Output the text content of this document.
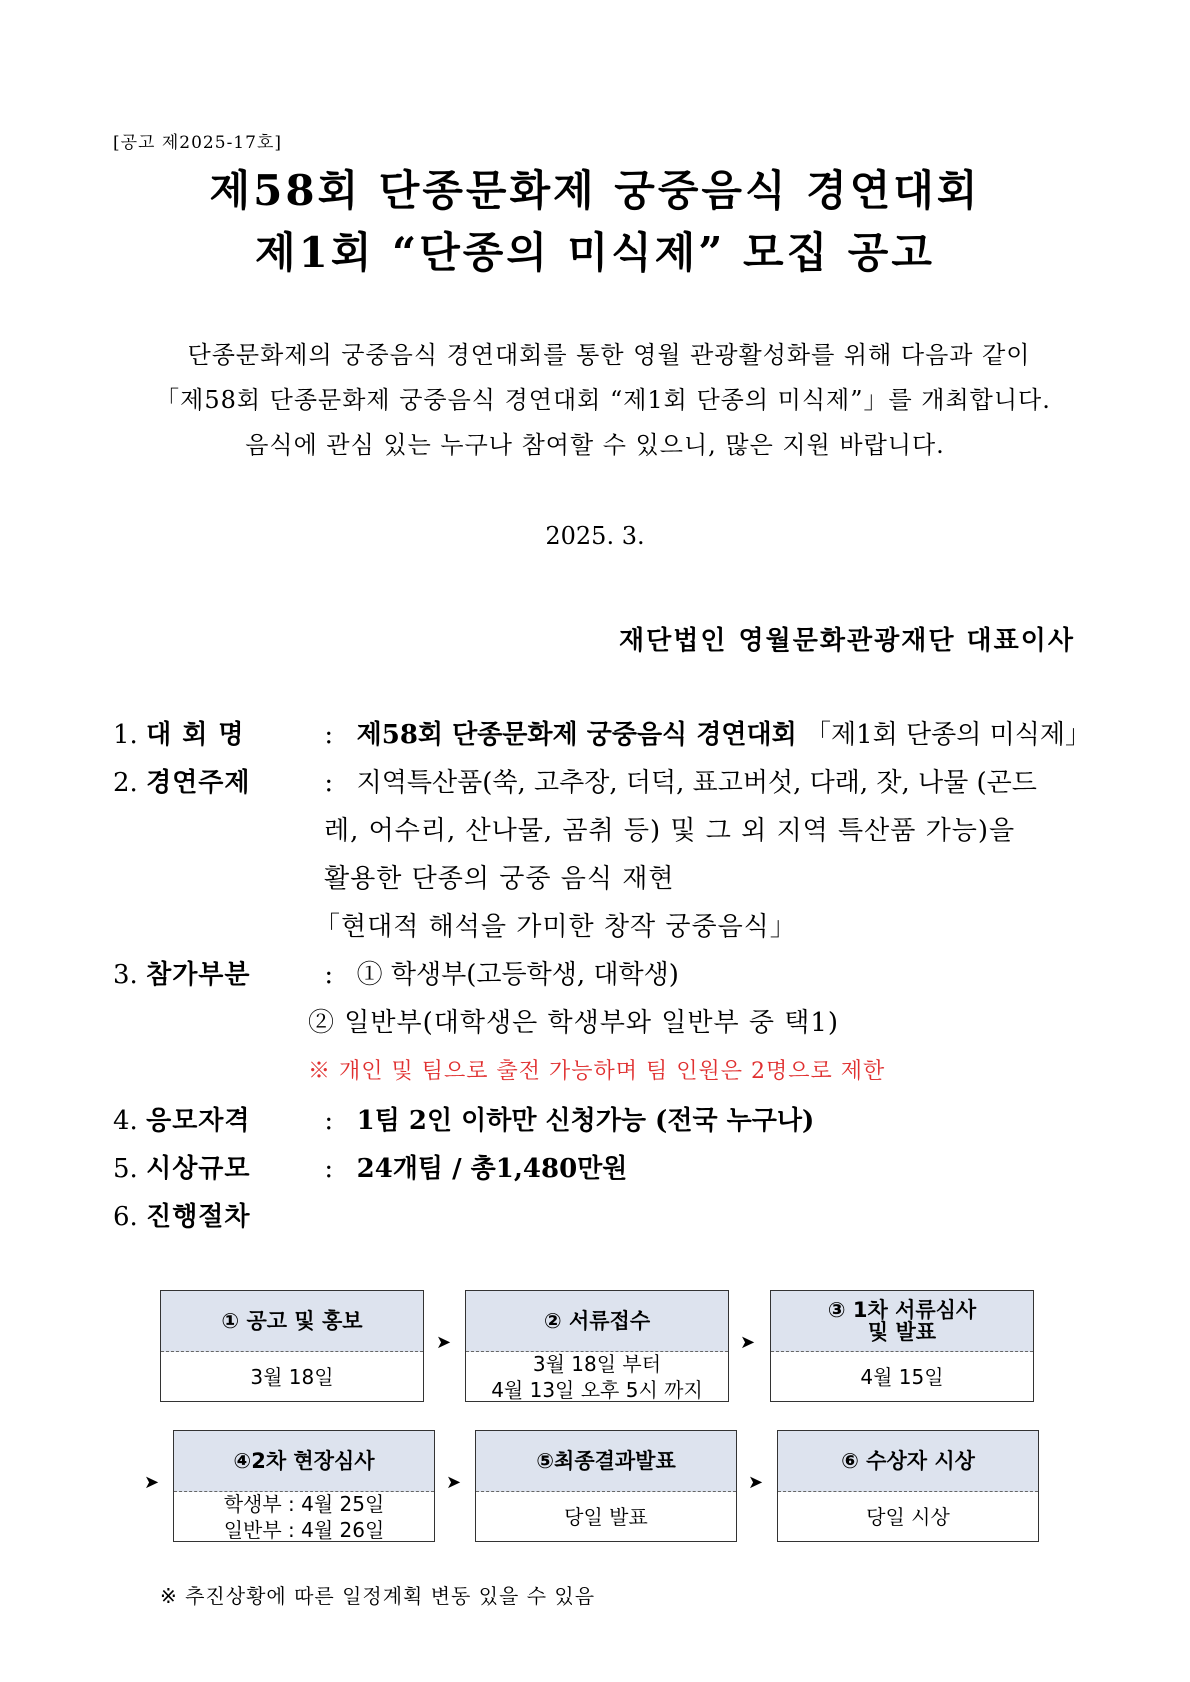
[공고 제2025-17호]
제58회 단종문화제 궁중음식 경연대회
제1회 “단종의 미식제” 모집 공고
단종문화제의 궁중음식 경연대회를 통한 영월 관광활성화를 위해 다음과 같이
「제58회 단종문화제 궁중음식 경연대회 “제1회 단종의 미식제”」를 개최합니다.
음식에 관심 있는 누구나 참여할 수 있으니, 많은 지원 바랍니다.
2025. 3.
재단법인 영월문화관광재단 대표이사
1. 대 회 명	: 제58회 단종문화제 궁중음식 경연대회 「제1회 단종의 미식제」
2. 경연주제	: 지역특산품(쑥, 고추장, 더덕, 표고버섯, 다래, 잣, 나물 (곤드
레, 어수리, 산나물, 곰취 등) 및 그 외 지역 특산품 가능)을
활용한 단종의 궁중 음식 재현
「현대적 해석을 가미한 창작 궁중음식」
3. 참가부분	: ① 학생부(고등학생, 대학생)
② 일반부(대학생은 학생부와 일반부 중 택1)
※ 개인 및 팀으로 출전 가능하며 팀 인원은 2명으로 제한
4. 응모자격	: 1팀 2인 이하만 신청가능 (전국 누구나)
5. 시상규모	: 24개팀 / 총1,480만원
6. 진행절차
① 공고 및 홍보
3월 18일
➤
② 서류접수
3월 18일 부터
4월 13일 오후 5시 까지
➤
③ 1차 서류심사
및 발표
4월 15일
➤
④2차 현장심사
학생부 : 4월 25일
일반부 : 4월 26일
➤
⑤최종결과발표
당일 발표
➤
⑥ 수상자 시상
당일 시상
※ 추진상황에 따른 일정계획 변동 있을 수 있음
